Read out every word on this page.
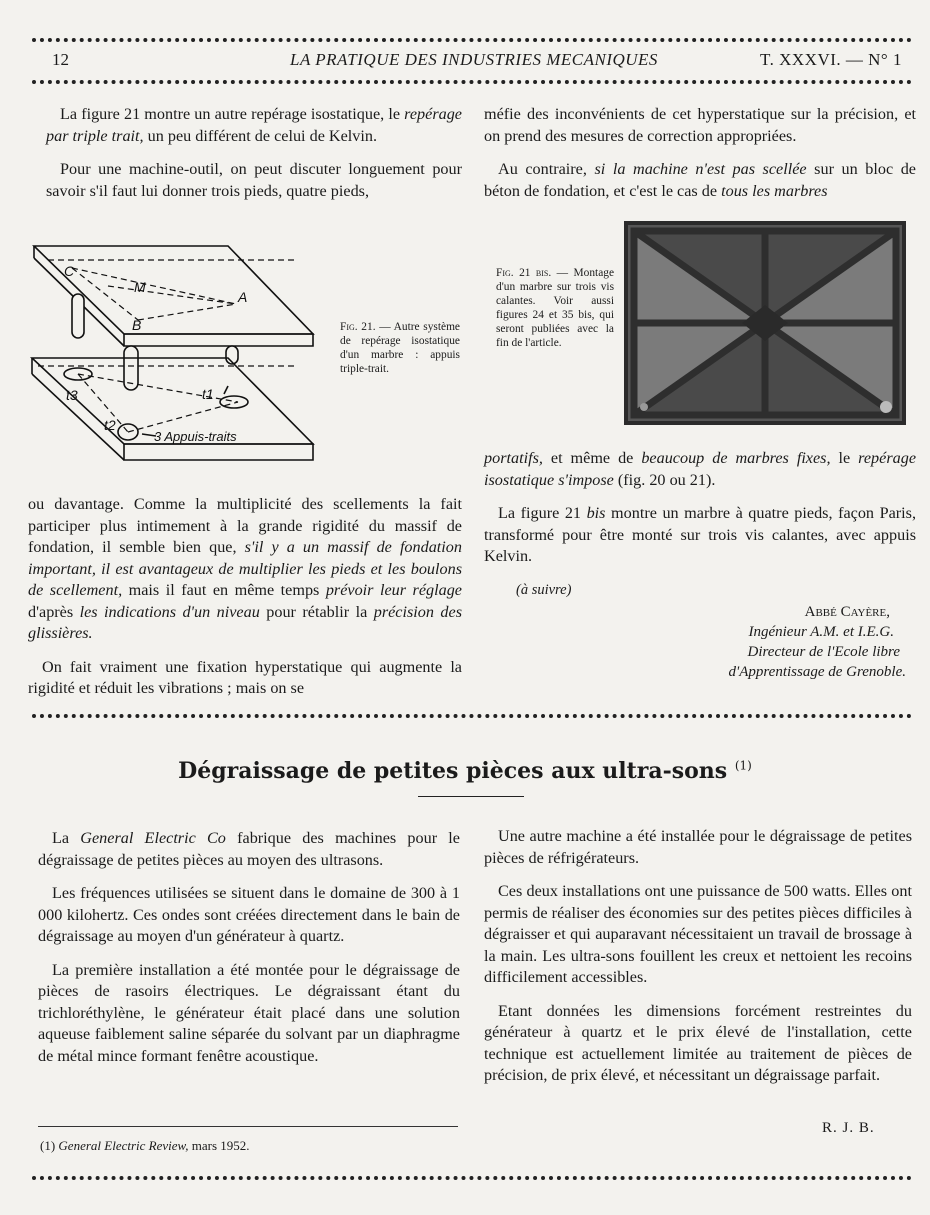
12	LA PRATIQUE DES INDUSTRIES MECANIQUES	T. XXXVI. — N° 1

La figure 21 montre un autre repérage isostatique, le repérage par triple trait, un peu différent de celui de Kelvin.

Pour une machine-outil, on peut discuter longuement pour savoir s'il faut lui donner trois pieds, quatre pieds,

C
M
A
B
t1
t2
t3
3 Appuis-traits
Fig. 21. — Autre système de repérage isostatique d'un marbre : appuis triple-trait.

ou davantage. Comme la multiplicité des scellements la fait participer plus intimement à la grande rigidité du massif de fondation, il semble bien que, s'il y a un massif de fondation important, il est avantageux de multiplier les pieds et les boulons de scellement, mais il faut en même temps prévoir leur réglage d'après les indications d'un niveau pour rétablir la précision des glissières.

On fait vraiment une fixation hyperstatique qui augmente la rigidité et réduit les vibrations ; mais on se

méfie des inconvénients de cet hyperstatique sur la précision, et on prend des mesures de correction appropriées.

Au contraire, si la machine n'est pas scellée sur un bloc de béton de fondation, et c'est le cas de tous les marbres

Fig. 21 bis. — Montage d'un marbre sur trois vis calantes. Voir aussi figures 24 et 35 bis, qui seront publiées avec la fin de l'article.

portatifs, et même de beaucoup de marbres fixes, le repérage isostatique s'impose (fig. 20 ou 21).

La figure 21 bis montre un marbre à quatre pieds, façon Paris, transformé pour être monté sur trois vis calantes, avec appuis Kelvin.

(à suivre)

Abbé Cayère,
Ingénieur A.M. et I.E.G.
Directeur de l'Ecole libre
d'Apprentissage de Grenoble.
Dégraissage de petites pièces aux ultra-sons $^{(1)}$

La General Electric Co fabrique des machines pour le dégraissage de petites pièces au moyen des ultrasons.

Les fréquences utilisées se situent dans le domaine de 300 à 1 000 kilohertz. Ces ondes sont créées directement dans le bain de dégraissage au moyen d'un générateur à quartz.

La première installation a été montée pour le dégraissage de pièces de rasoirs électriques. Le dégraissant étant du trichloréthylène, le générateur était placé dans une solution aqueuse faiblement saline séparée du solvant par un diaphragme de métal mince formant fenêtre acoustique.

Une autre machine a été installée pour le dégraissage de petites pièces de réfrigérateurs.

Ces deux installations ont une puissance de 500 watts. Elles ont permis de réaliser des économies sur des petites pièces difficiles à dégraisser et qui auparavant nécessitaient un travail de brossage à la main. Les ultra-sons fouillent les creux et nettoient les recoins difficilement accessibles.

Etant données les dimensions forcément restreintes du générateur à quartz et le prix élevé de l'installation, cette technique est actuellement limitée au traitement de pièces de précision, de prix élevé, et nécessitant un dégraissage parfait.

R. J. B.
(1) General Electric Review, mars 1952.
